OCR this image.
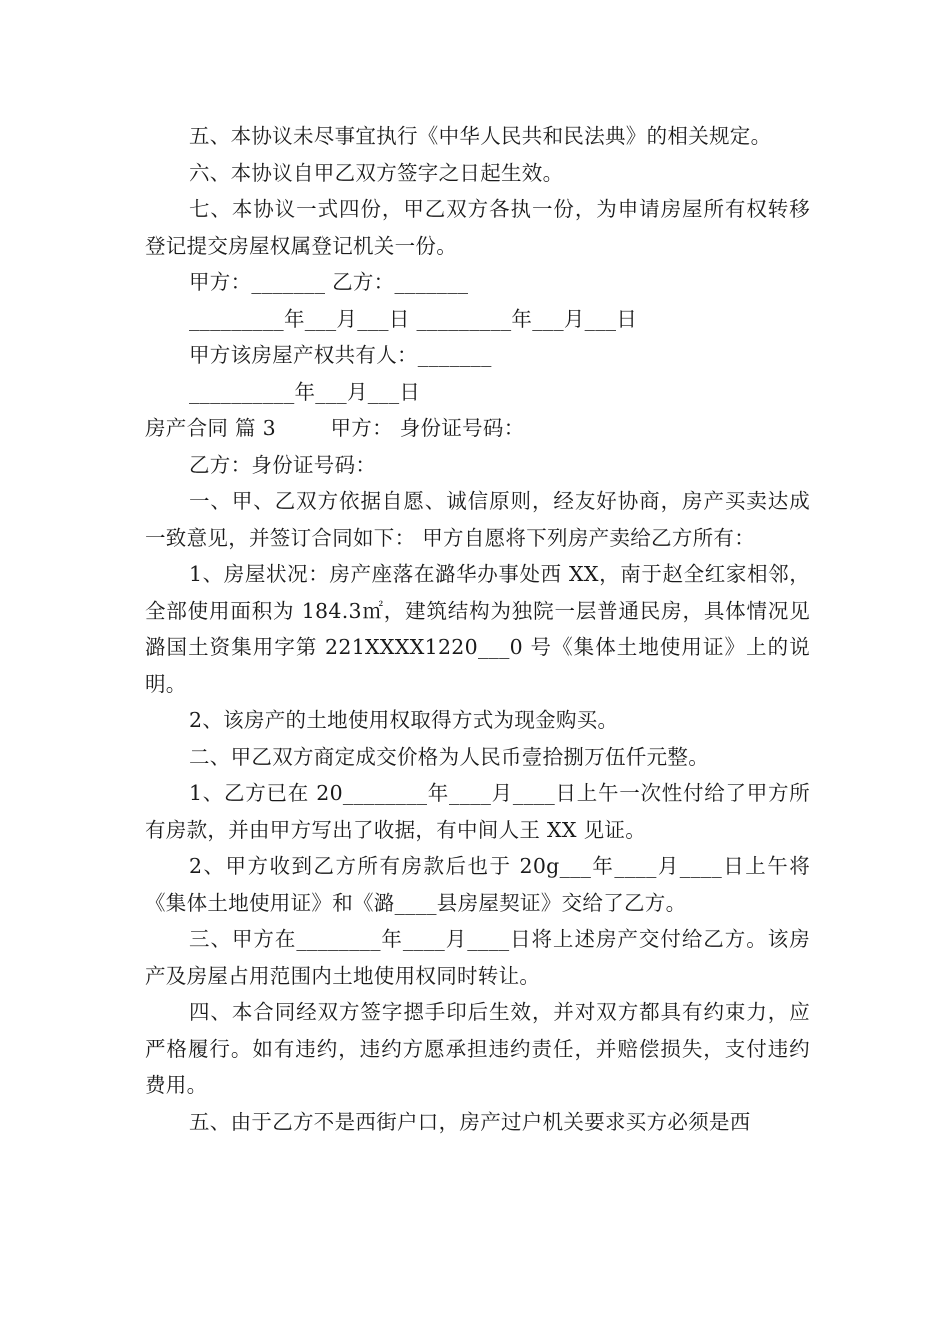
五、本协议未尽事宜执行《中华人民共和民法典》的相关规定。

六、本协议自甲乙双方签字之日起生效。

七、本协议一式四份，甲乙双方各执一份，为申请房屋所有权转移登记提交房屋权属登记机关一份。

甲方：_______ 乙方：_______

_________年___月___日 _________年___月___日

甲方该房屋产权共有人：_______

__________年___月___日

房产合同 篇 3        甲方： 身份证号码：

乙方：身份证号码：

一、甲、乙双方依据自愿、诚信原则，经友好协商，房产买卖达成一致意见，并签订合同如下： 甲方自愿将下列房产卖给乙方所有：

1、房屋状况：房产座落在潞华办事处西 XX，南于赵全红家相邻，全部使用面积为 184.3㎡，建筑结构为独院一层普通民房，具体情况见潞国土资集用字第 221XXXX1220___0 号《集体土地使用证》上的说明。

2、该房产的土地使用权取得方式为现金购买。

二、甲乙双方商定成交价格为人民币壹拾捌万伍仟元整。

1、乙方已在 20________年____月____日上午一次性付给了甲方所有房款，并由甲方写出了收据，有中间人王 XX 见证。

2、甲方收到乙方所有房款后也于 20g___年____月____日上午将《集体土地使用证》和《潞____县房屋契证》交给了乙方。

三、甲方在________年____月____日将上述房产交付给乙方。该房产及房屋占用范围内土地使用权同时转让。

四、本合同经双方签字摁手印后生效，并对双方都具有约束力，应严格履行。如有违约，违约方愿承担违约责任，并赔偿损失，支付违约费用。

五、由于乙方不是西街户口，房产过户机关要求买方必须是西
